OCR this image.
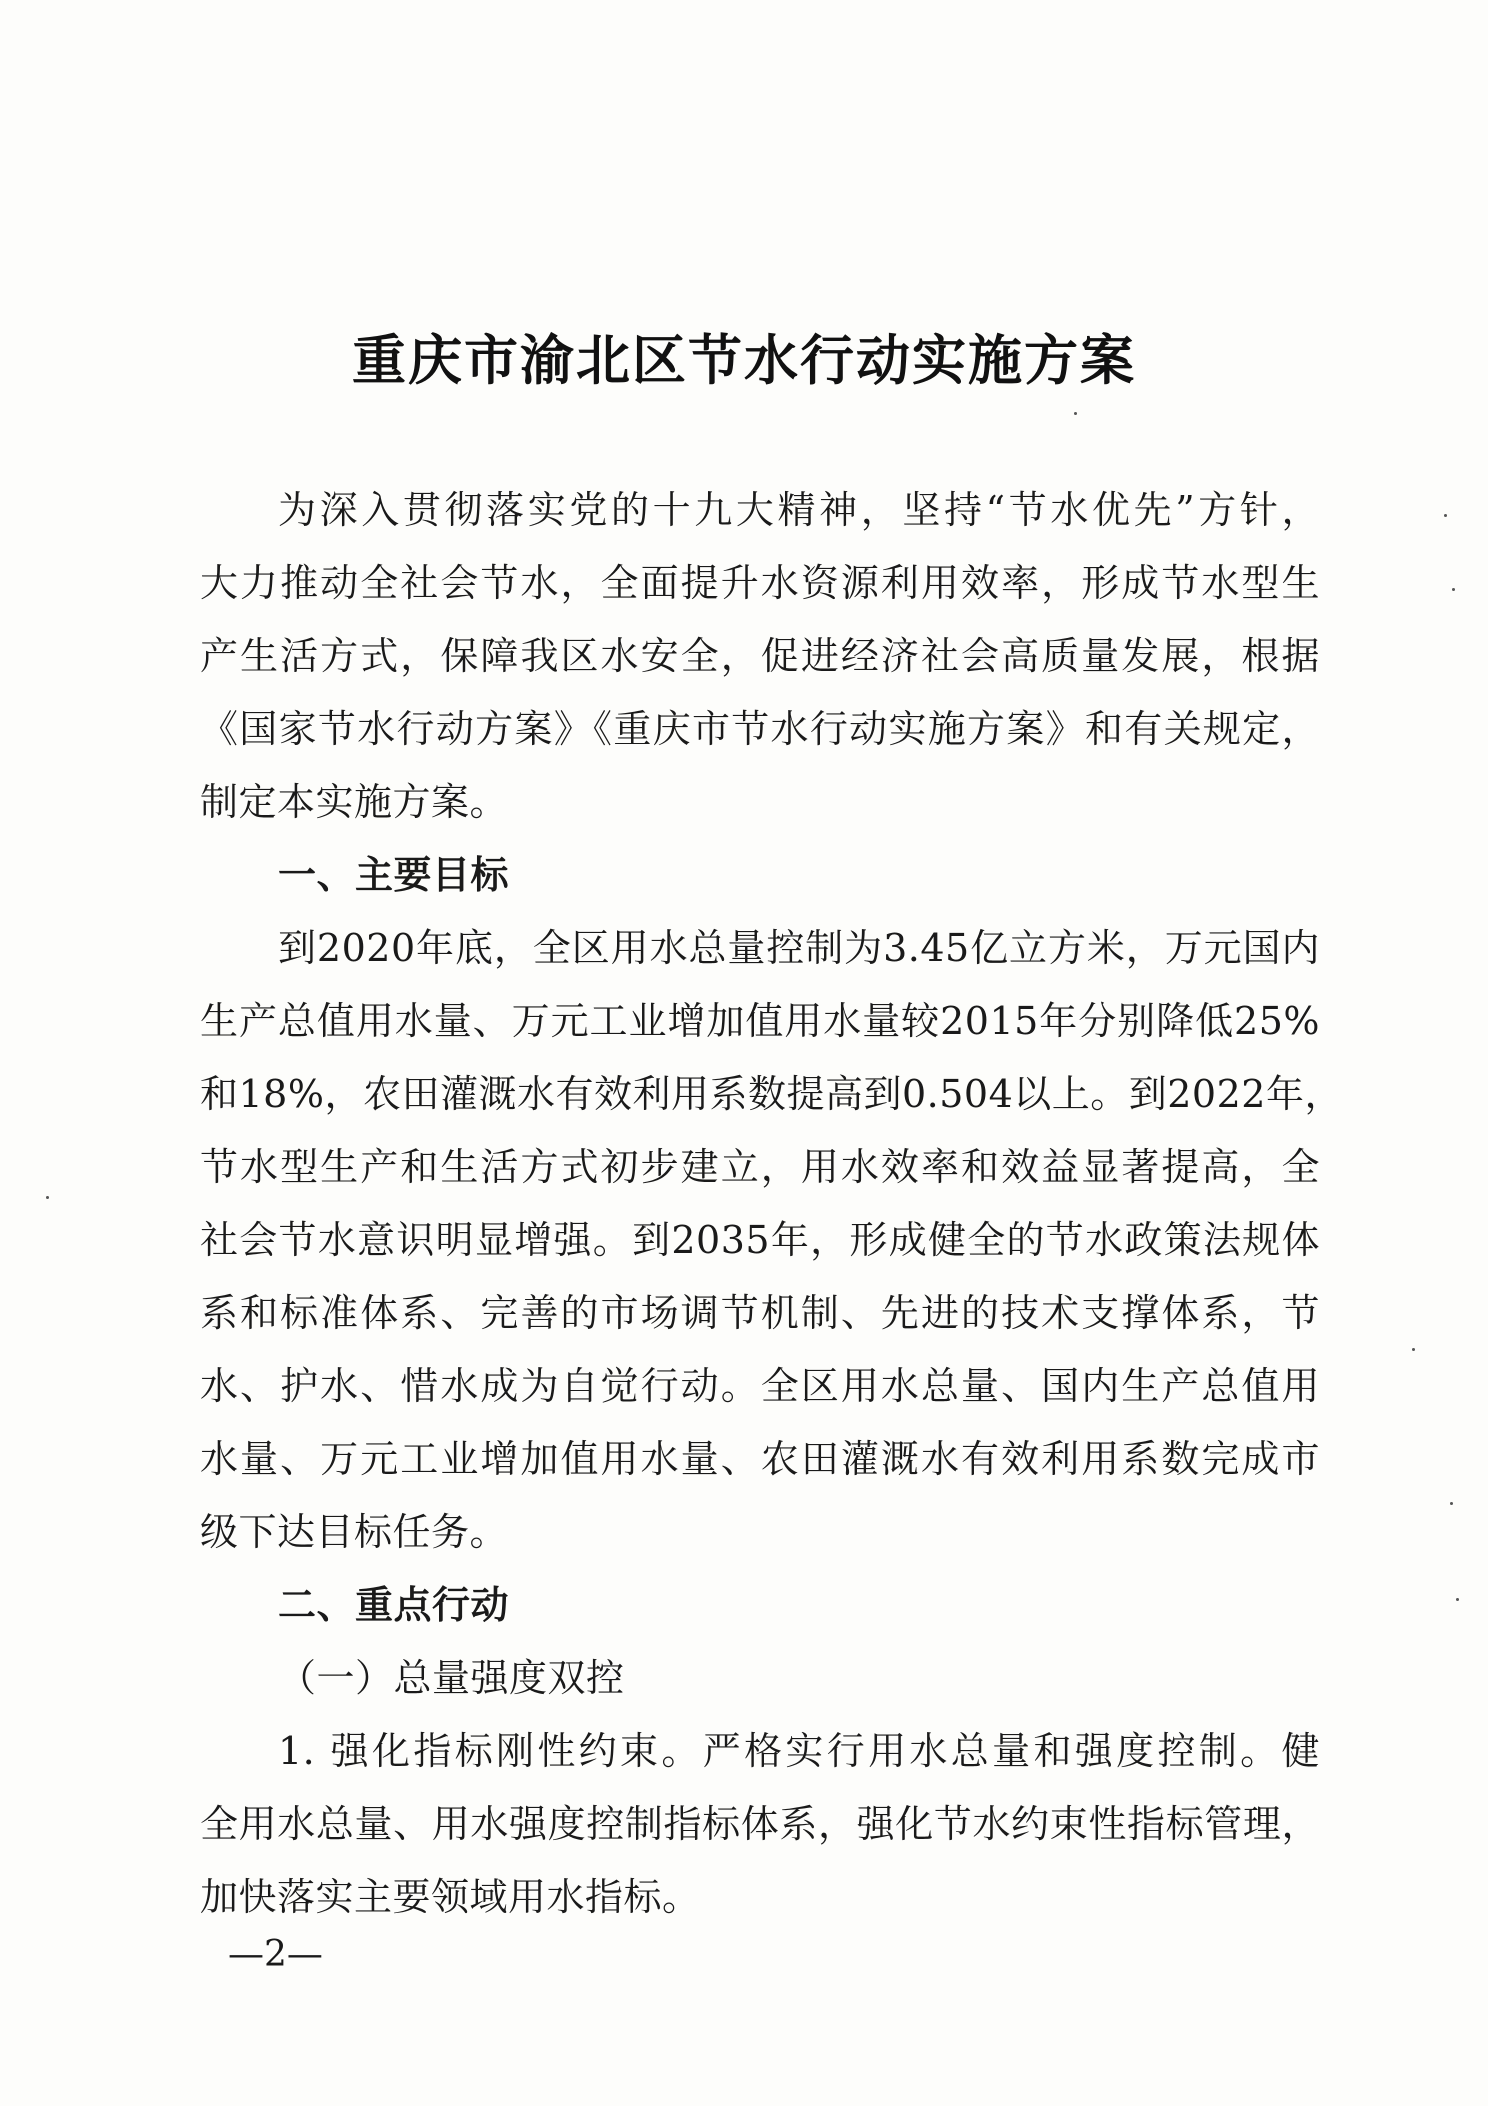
重庆市渝北区节水行动实施方案
为深入贯彻落实党的十九大精神，坚持“节水优先”方针，
大力推动全社会节水，全面提升水资源利用效率，形成节水型生
产生活方式，保障我区水安全，促进经济社会高质量发展，根据
《国家节水行动方案》《重庆市节水行动实施方案》和有关规定，
制定本实施方案。
一、主要目标
到2020年底，全区用水总量控制为3.45亿立方米，万元国内
生产总值用水量、万元工业增加值用水量较2015年分别降低25%
和18%，农田灌溉水有效利用系数提高到0.504以上。到2022年，
节水型生产和生活方式初步建立，用水效率和效益显著提高，全
社会节水意识明显增强。到2035年，形成健全的节水政策法规体
系和标准体系、完善的市场调节机制、先进的技术支撑体系，节
水、护水、惜水成为自觉行动。全区用水总量、国内生产总值用
水量、万元工业增加值用水量、农田灌溉水有效利用系数完成市
级下达目标任务。
二、重点行动
（一）总量强度双控
1. 强化指标刚性约束。严格实行用水总量和强度控制。健
全用水总量、用水强度控制指标体系，强化节水约束性指标管理，
加快落实主要领域用水指标。
—2—
